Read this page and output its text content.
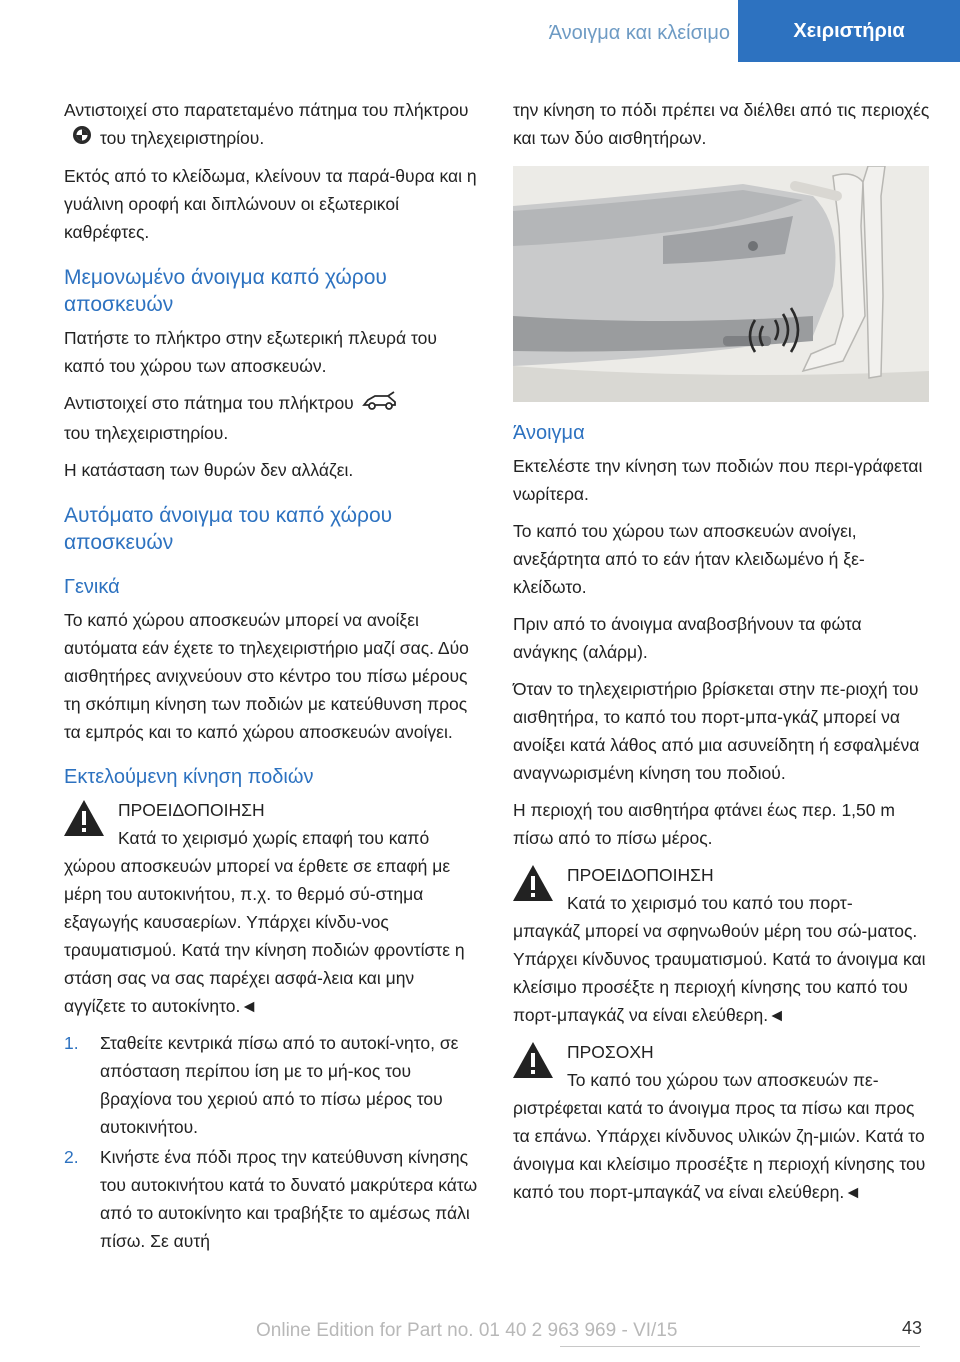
Άνοιγμα και κλείσιμο	Χειριστήρια

Αντιστοιχεί στο παρατεταμένο πάτημα του πλήκτρουτου τηλεχειριστηρίου.

Εκτός από το κλείδωμα, κλείνουν τα παρά-θυρα και η γυάλινη οροφή και διπλώνουν οι εξωτερικοί καθρέφτες.

Μεμονωμένο άνοιγμα καπό χώρου αποσκευών

Πατήστε το πλήκτρο στην εξωτερική πλευρά του καπό του χώρου των αποσκευών.

Αντιστοιχεί στο πάτημα του πλήκτρου
του τηλεχειριστηρίου.

Η κατάσταση των θυρών δεν αλλάζει.

Αυτόματο άνοιγμα του καπό χώρου αποσκευών
Γενικά

Το καπό χώρου αποσκευών μπορεί να ανοίξει αυτόματα εάν έχετε το τηλεχειριστήριο μαζί σας. Δύο αισθητήρες ανιχνεύουν στο κέντρο του πίσω μέρους τη σκόπιμη κίνηση των ποδιών με κατεύθυνση προς τα εμπρός και το καπό χώρου αποσκευών ανοίγει.

Εκτελούμενη κίνηση ποδιών

ΠΡΟΕΙΔΟΠΟΙΗΣΗ

Κατά το χειρισμό χωρίς επαφή του καπό

χώρου αποσκευών μπορεί να έρθετε σε επαφή με μέρη του αυτοκινήτου, π.χ. το θερμό σύ-στημα εξαγωγής καυσαερίων. Υπάρχει κίνδυ-νος τραυματισμού. Κατά την κίνηση ποδιών φροντίστε η στάση σας να σας παρέχει ασφά-λεια και μην αγγίζετε το αυτοκίνητο.◄

1.	Σταθείτε κεντρικά πίσω από το αυτοκί-νητο, σε απόσταση περίπου ίση με το μή-κος του βραχίονα του χεριού από το πίσω μέρος του αυτοκινήτου.
2.	Κινήστε ένα πόδι προς την κατεύθυνση κίνησης του αυτοκινήτου κατά το δυνατό μακρύτερα κάτω από το αυτοκίνητο και τραβήξτε το αμέσως πάλι πίσω. Σε αυτή

την κίνηση το πόδι πρέπει να διέλθει από τις περιοχές και των δύο αισθητήρων.

Άνοιγμα

Εκτελέστε την κίνηση των ποδιών που περι-γράφεται νωρίτερα.

Το καπό του χώρου των αποσκευών ανοίγει, ανεξάρτητα από το εάν ήταν κλειδωμένο ή ξε-κλείδωτο.

Πριν από το άνοιγμα αναβοσβήνουν τα φώτα ανάγκης (αλάρμ).

Όταν το τηλεχειριστήριο βρίσκεται στην πε-ριοχή του αισθητήρα, το καπό του πορτ-μπα-γκάζ μπορεί να ανοίξει κατά λάθος από μια ασυνείδητη ή εσφαλμένα αναγνωρισμένη κίνηση του ποδιού.

Η περιοχή του αισθητήρα φτάνει έως περ. 1,50 m πίσω από το πίσω μέρος.

ΠΡΟΕΙΔΟΠΟΙΗΣΗ

Κατά το χειρισμό του καπό του πορτ-

μπαγκάζ μπορεί να σφηνωθούν μέρη του σώ-ματος. Υπάρχει κίνδυνος τραυματισμού. Κατά το άνοιγμα και κλείσιμο προσέξτε η περιοχή κίνησης του καπό του πορτ-μπαγκάζ να είναι ελεύθερη.◄

ΠΡΟΣΟΧΗ

Το καπό του χώρου των αποσκευών πε-

ριστρέφεται κατά το άνοιγμα προς τα πίσω και προς τα επάνω. Υπάρχει κίνδυνος υλικών ζη-μιών. Κατά το άνοιγμα και κλείσιμο προσέξτε η περιοχή κίνησης του καπό του πορτ-μπαγκάζ να είναι ελεύθερη.◄

Online Edition for Part no. 01 40 2 963 969 - VI/15	43
